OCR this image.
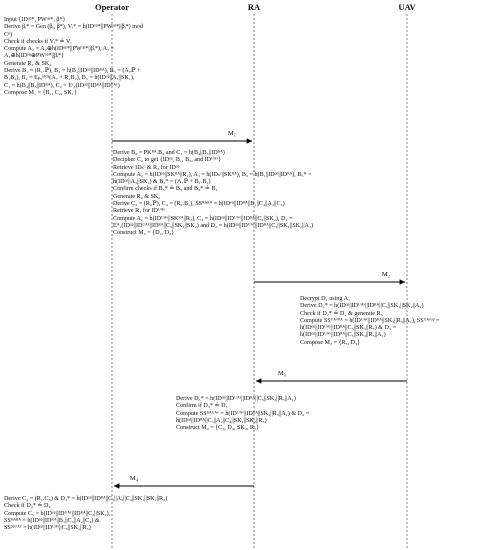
Operator	RA	UAV
M₁
M₂
M₃
M₄
Input {IDᵒᵖ*, PWᵒᵖ*, β*}
Derive βᵢ* = Gen (βᵢ, β*), Vᵢ* = h(IDᵒᵖ*||PWᵒᵖ*||βᵢ*) mod
Cᵖ)
Check if checks if Vᵢ* ≟ Vᵢ
Compute A₂ = A₂⊕h(IDᵒᵖ*||PWᵒᵖ*||βᵢ*), A₃ =
A₃⊕h(IDᵒᵖ⊕PWᵒᵖ*||βᵢ*)
Generate R₁ & SK₁
Derive B₁ = (R₁.ℙ), B₂ = h(B₁||IDᵒᵖ||IDᴿᴬ), B₃ = (A₇ℙ +
B₁B₂), B₄ = Eₚᵤᵏᴿᴬ(A₇ + R₁B₂), B₅ = h(IDᵒᵖ||A₃||SK₁),
C₁ = h(B₄||B₃||IDᴿᴬ), C₂ = Eᶜ₁(IDᵒᵖ||IDᴿᴬ||IDᵁᴬᵛ)
Compose M₁ = {B₁, C₂, SK₁}
Derive B₄ = PKᴿᴬ.B₃ and C₁ = h(B₄||B₃||IDᴿᴬ)
Decipher C₂ to get {IDᵒᵖ, B₁, B₅, and IDᵁᴬᵛ}
Retrieve IDₛᶜ & R₂ for IDᵒᵖ
Compute A₂ = h(IDᵒᵖ||SKᴿᴬ||R₂), A₃ = h(IDₛᶜ||SKᴿᴬ), B₂ = h(B₁||IDᵒᵖ||IDᴿᴬ), B₅* =
h(IDᵒᵖ||A₃||SK₁) & B₃* = (A₇ℙ + B₁.B₂)
Confirm checks if B₅* ≟ B₅ and B₃* ≟ B₃
Generate R₄ & SK₂
Derive C₃ = (R₄ℙ), C₄ = (R₄.B₁), SSᴿᴬᴿᴬ = h(IDᵒᵖ||IDᴿᴬ||B₁||C₃||A₂||C₄)
Retrieve R₃ for IDᵁᴬᵛ
Compute A₁ = h(IDᵁᴬᵛ||SKᴿᴬ||R₃), C₅ = h(IDᵒᵖ||IDᵁᴬᵛ||IDᴿᴬ||C₃||SK₂), D₁ =
Eᴬ₁(IDᵒᵖ||IDᵁᴬᵛ||IDᴿᴬ||C₅||SK₁||SK₂) and D₂ = h(IDᵒᵖ||IDᵁᴬᵛ||IDᴿᴬ||C₅||SK₁||SK₂||A₁)
Construct M₂ = {D₁, D₂}
Decrypt D₁ using A₁
Derive D₂* = h(IDᵒᵖ||IDᵁᴬᵛ||IDᴿᴬ||C₅||SK₁||SK₂||A₁)
Check if D₂* ≟ D₂ & generate R₅
Compute SSᵁᴬᵛᴿᴬ = h(IDᵁᴬᵛ||IDᴿᴬ||SK₂||R₅||A₁), SSᵁᴬᵛᵒᵖ =
h(IDᵒᵖ||IDᵁᴬᵛ||IDᴿᴬ||C₅||SK₁||R₅) & D₃ =
h(IDᵒᵖ||IDᵁᴬᵛ||IDᴿᴬ||C₅||SK₂||R₅||A₁)
Compose M₃ = {R₅, D₃}
Derive D₃* = h(IDᵒᵖ||IDᵁᴬᵛ||IDᴿᴬ||C₅||SK₂||R₅||A₁)
Confirm if D₃* ≟ D₃
Compute SSᴿᴬᵁᴬᵛ = h(IDᵁᴬᵛ||IDᴿᴬ||SK₂||R₅||A₁) & D₄ =
h(IDᵒᵖ||IDᴿᴬ||C₃||A₂||C₄||SK₁||SK₂||R₅)
Construct M₄ = {C₃, D₄, SK₂, R₅}
Derive C₄ = (R₁.C₃) & D₄* = h(IDᵒᵖ||IDᴿᴬ||C₃||A₂||C₄||SK₁||SK₂||R₅)
Check if D₄* ≟ D₄
Compute C₅ = h(IDᵒᵖ||IDᵁᴬᵛ||IDᴿᴬ||C₃||SK₂),
SSᴿᴬᴿᴬ = h(IDᵒᵖ||IDᴿᴬ||B₁||C₃||A₂||C₄) &
SSᵒᵖᵁᴬᵛ = h(IDᵒᵖ||IDᵁᴬᵛ||C₅||SK₁||R₅)
